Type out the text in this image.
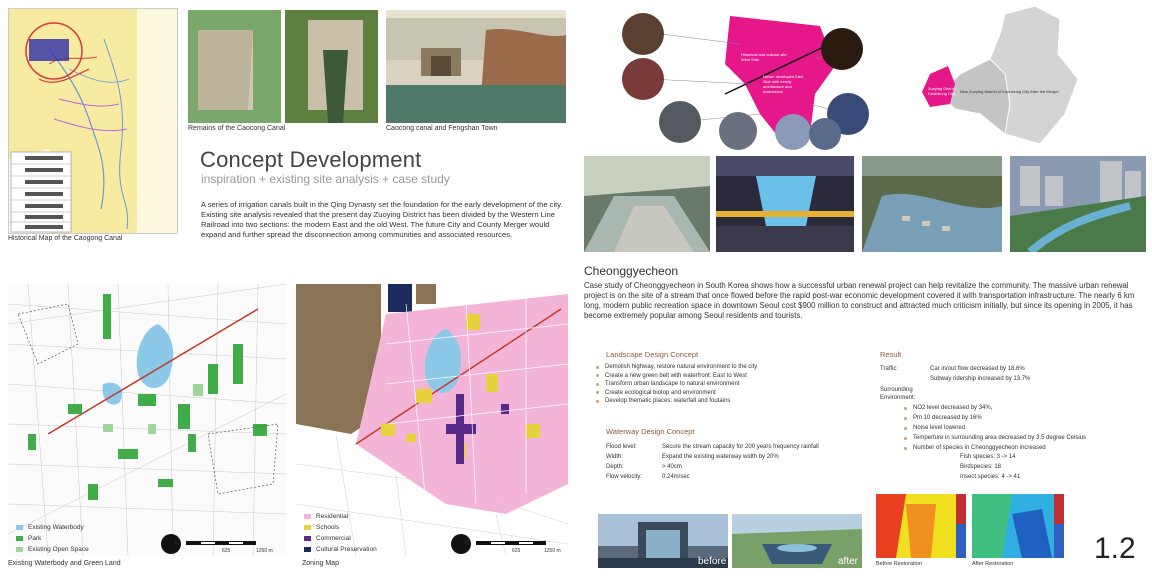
Historical Map of the Caogong Canal
Remains of the Caocong Canal	Caocong canal and Fengshan Town
Concept Development
inspiration + existing site analysis + case study
A series of irrigation canals built in the Qing Dynasty set the foundation for the early development of the city. Existing site analysis revealed that the present day Zuoying District has been divided by the Western Line Railroad into two sections: the modern East and the old West. The future City and County Merger would expand and further spread the disconnection among communities and associated resources.
Existing Waterbody
Park
Existing Open Space
N
625	1250 m
Existing Waterbody and Green Land
Residential
Schools
Commercial
Cultural Preservation
N
625	1250 m
Zoning Map
Historical and cultural site West Side
Newer developed East Side with trendy architecture and businesses
Zuoying District, Kaohsiung City	New Zuoying District of Kaohsiung City After the Merger
Cheonggyecheon
Case study of Cheonggyecheon in South Korea shows how a successful urban renewal project can help revitalize the community. The massive urban renewal project is on the site of a stream that once flowed before the rapid post-war economic development covered it with transportation infrastructure. The nearly 6 km long, modern public recreation space in downtown Seoul cost $900 million to construct and attracted much criticism initially, but since its opening in 2005, it has become extremely popular among Seoul residents and tourists.
Landscape Design Concept
Demolish highway, restore natural environment to the city
Create a new green belt with waterfront: East to West
Transform urban landscape to natural environment
Create ecological biotop and environment
Develop thematic places: waterfall and foutains
Waterway Design Concept
Flood level:	Secure the stream capacity for 200 years frequency rainfall
Width:	Expand the existing waterway width by 20%
Depth:	> 40cm
Flow velocity:	0.24m/sec
Result
Traffic:	Car in/out flow decreased by 18.6%
Subway ridership increased by 13.7%
Surrounding Environment:
NO2 level decreased by 34%,
Pm 10 decreased by 16%
Noise level lowered
Temperture in surrounding area decreased by 3.5 degree Celsius
Number of species in Cheonggyecheon increased
Fish species: 3 -> 14
Birdspecies: 18
Insect species: 4 -> 41
before	after	Before Restoration	After Restoration	1.2
